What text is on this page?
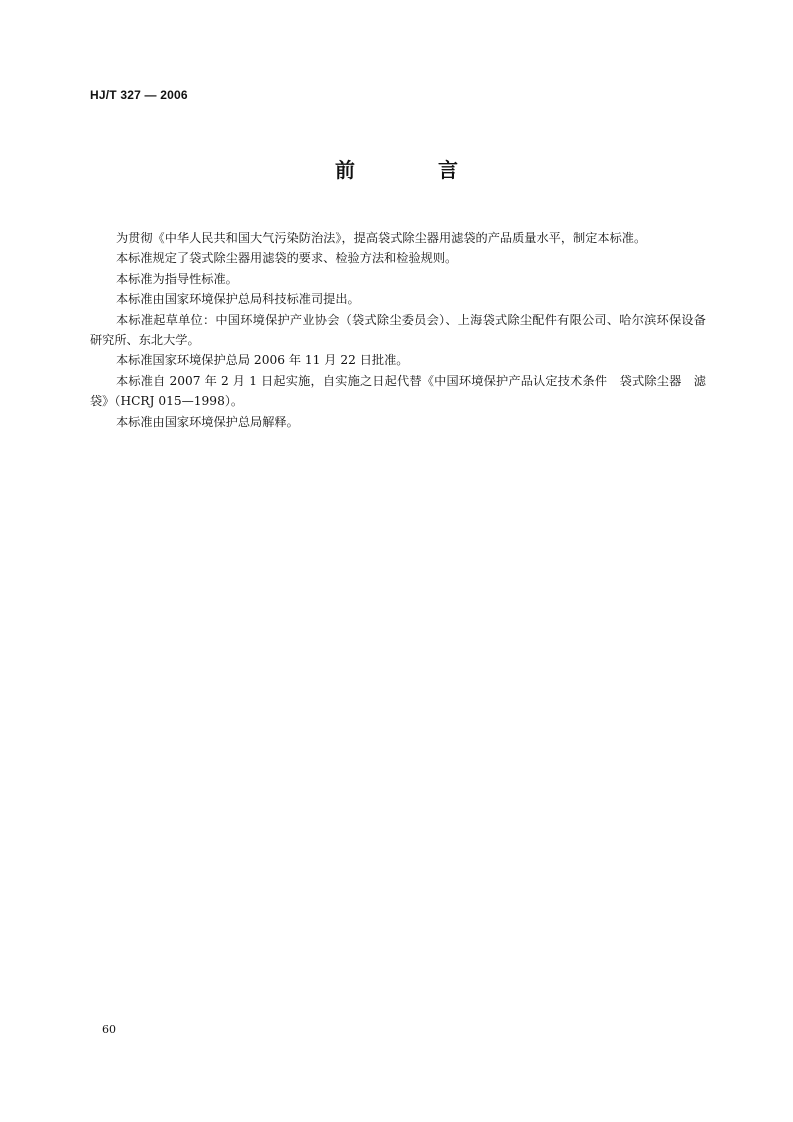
HJ/T 327 — 2006
前 言

为贯彻《中华人民共和国大气污染防治法》，提高袋式除尘器用滤袋的产品质量水平，制定本标准。

本标准规定了袋式除尘器用滤袋的要求、检验方法和检验规则。

本标准为指导性标准。

本标准由国家环境保护总局科技标准司提出。

本标准起草单位：中国环境保护产业协会（袋式除尘委员会）、上海袋式除尘配件有限公司、哈尔滨环保设备研究所、东北大学。

本标准国家环境保护总局 2006 年 11 月 22 日批准。

本标准自 2007 年 2 月 1 日起实施，自实施之日起代替《中国环境保护产品认定技术条件　袋式除尘器　滤袋》（HCRJ 015—1998）。

本标准由国家环境保护总局解释。

60
